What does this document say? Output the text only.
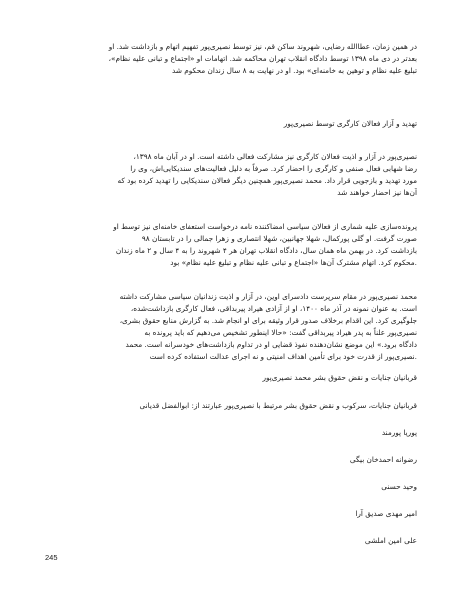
در همین زمان، عطاالله رضایی، شهروند ساکن قم، نیز توسط نصیری‌پور تفهیم اتهام و بازداشت شد. او
بعدتر در دی ماه ۱۳۹۸ توسط دادگاه انقلاب تهران محاکمه شد. اتهامات او «اجتماع و تبانی علیه نظام»،
تبلیغ علیه نظام و توهین به خامنه‌ای» بود. او در نهایت به ۸ سال زندان محکوم شد
تهدید و آزار فعالان کارگری توسط نصیری‌پور
نصیری‌پور در آزار و اذیت فعالان کارگری نیز مشارکت فعالی داشته است. او در آبان ماه ۱۳۹۸،
رضا شهابی فعال صنفی و کارگری را احضار کرد. صرفاً به دلیل فعالیت‌های سندیکایی‌اش، وی را
مورد تهدید و بازجویی قرار داد. محمد نصیری‌پور همچنین دیگر فعالان سندیکایی را تهدید کرده بود که
آن‌ها نیز احضار خواهند شد
پرونده‌سازی علیه شماری از فعالان سیاسی امضاکننده نامه درخواست استعفای خامنه‌ای نیز توسط او
صورت گرفت. او گلی پورکمال، شهلا جهانبین، شهلا انتصاری و زهرا جمالی را در تابستان ۹۸
بازداشت کرد. در بهمن ماه همان سال، دادگاه انقلاب تهران هر ۴ شهروند را به ۴ سال و ۲ ماه زندان
.محکوم کرد. اتهام مشترک آن‌ها «اجتماع و تبانی علیه نظام و تبلیغ علیه نظام» بود
محمد نصیری‌پور در مقام سرپرست دادسرای اوین، در آزار و اذیت زندانیان سیاسی مشارکت داشته
است. به عنوان نمونه در آذر ماه ۱۴۰۰، او از آزادی هیراد پیربداقی، فعال کارگری بازداشت‌شده،
جلوگیری کرد. این اقدام برخلاف صدور قرار وثیقه برای او انجام شد. به گزارش منابع حقوق بشری،
نصیری‌پور علناً به پدر هیراد پیربداقی گفت: «حالا اینطور تشخیص می‌دهیم که باید پرونده به
دادگاه برود.» این موضع نشان‌دهنده نفوذ قضایی او در تداوم بازداشت‌های خودسرانه است. محمد
.نصیری‌پور از قدرت خود برای تأمین اهداف امنیتی و نه اجرای عدالت استفاده کرده است
قربانیان جنایات و نقض حقوق بشر محمد نصیری‌پور
قربانیان جنایات، سرکوب و نقض حقوق بشر مرتبط با نصیری‌پور عبارتند از: ابوالفضل قدیانی
پوریا پورمند
رضوانه احمدخان بیگی
وحید حسنی
امیر مهدی صدیق آرا
علی امین املشی
245
